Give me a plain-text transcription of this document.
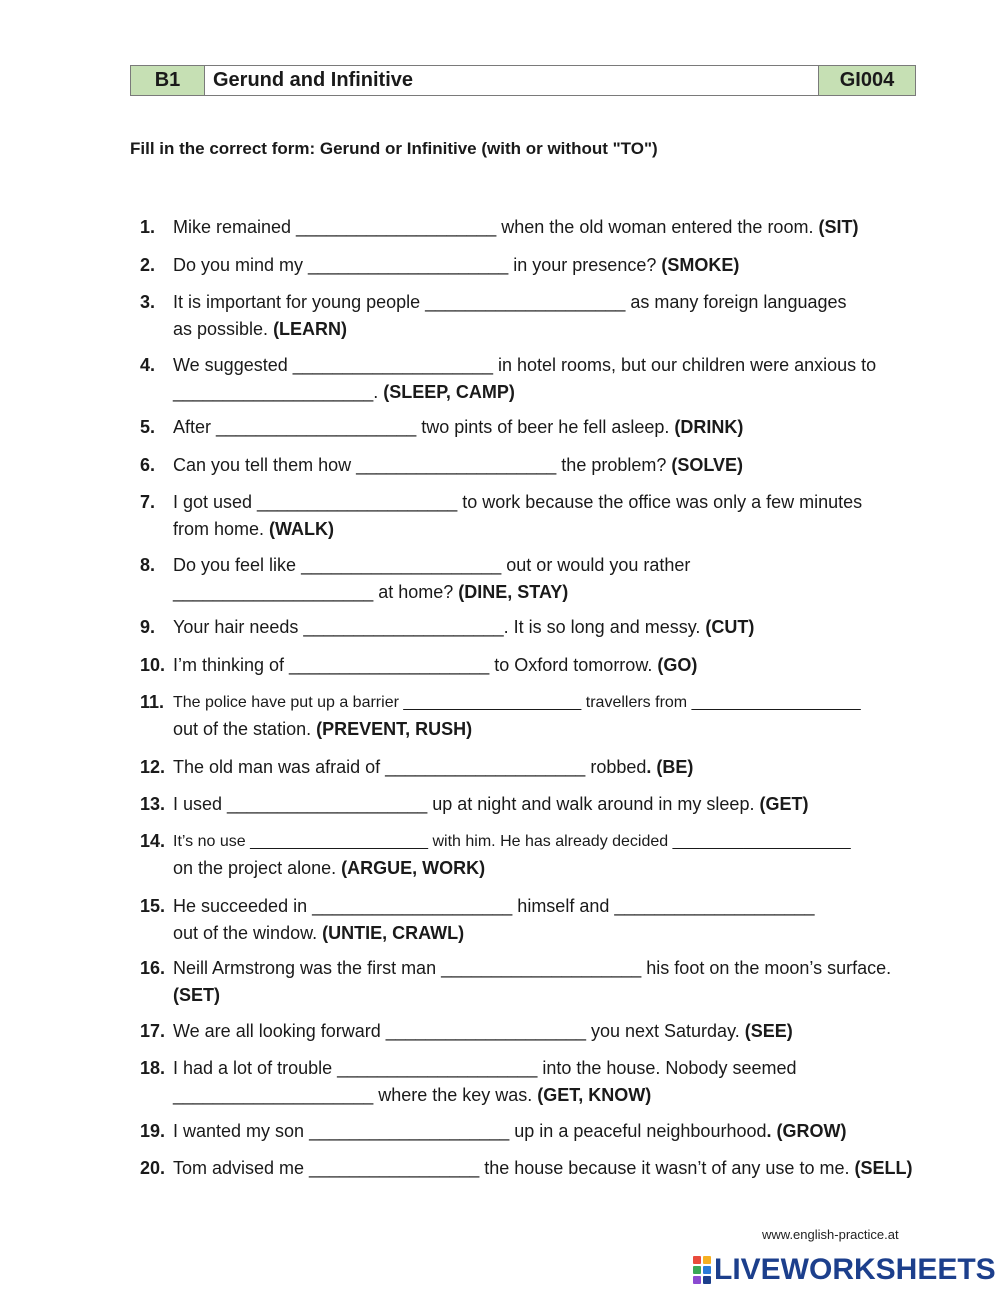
B1	Gerund and Infinitive	GI004
Fill in the correct form: Gerund or Infinitive (with or without "TO")
1. Mike remained ____________________ when the old woman entered the room. (SIT)
2. Do you mind my ____________________ in your presence? (SMOKE)
3. It is important for young people ____________________ as many foreign languages
as possible. (LEARN)
4. We suggested ____________________ in hotel rooms, but our children were anxious to
____________________. (SLEEP, CAMP)
5. After ____________________ two pints of beer he fell asleep. (DRINK)
6. Can you tell them how ____________________ the problem? (SOLVE)
7. I got used ____________________ to work because the office was only a few minutes
from home. (WALK)
8. Do you feel like ____________________ out or would you rather
____________________ at home? (DINE, STAY)
9. Your hair needs ____________________. It is so long and messy. (CUT)
10. I’m thinking of ____________________ to Oxford tomorrow. (GO)
11. The police have put up a barrier ____________________ travellers from ___________________
out of the station. (PREVENT, RUSH)
12. The old man was afraid of ____________________ robbed. (BE)
13. I used ____________________ up at night and walk around in my sleep. (GET)
14. It’s no use ____________________ with him. He has already decided ____________________
on the project alone. (ARGUE, WORK)
15. He succeeded in ____________________ himself and ____________________
out of the window. (UNTIE, CRAWL)
16. Neill Armstrong was the first man ____________________ his foot on the moon’s surface.
(SET)
17. We are all looking forward ____________________ you next Saturday. (SEE)
18. I had a lot of trouble ____________________ into the house. Nobody seemed
____________________ where the key was. (GET, KNOW)
19. I wanted my son ____________________ up in a peaceful neighbourhood. (GROW)
20. Tom advised me _________________ the house because it wasn’t of any use to me. (SELL)
www.english-practice.at
LIVEWORKSHEETS
